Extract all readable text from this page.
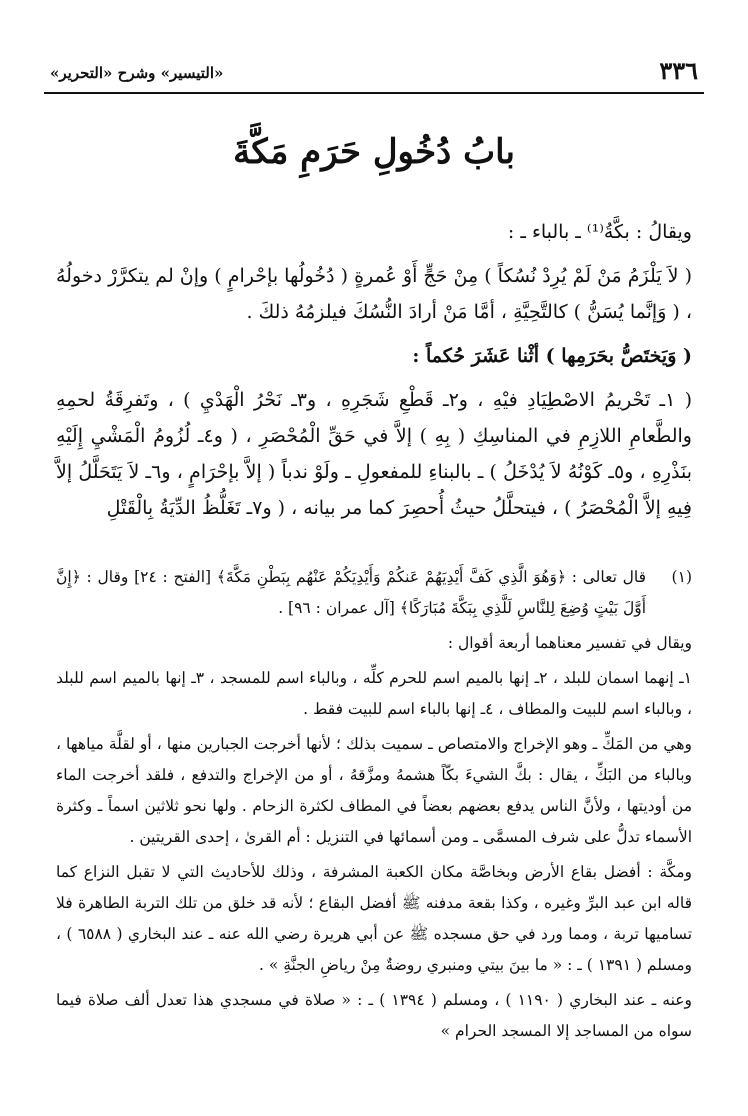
٣٣٦
«التيسير» وشرح «التحرير»
بابُ دُخُولِ حَرَمِ مَكَّةَ

ويقالُ : بكَّةُ⁽¹⁾ ـ بالباء ـ :

( لاَ يَلْزَمُ مَنْ لَمْ يُرِدْ نُسُكاً ) مِنْ حَجٍّ أَوْ عُمرةٍ ( دُخُولُها بإحْرامٍ ) وإنْ لم يتكرَّرْ دخولُهُ ، ( وَإنَّما يُسَنُّ ) كالتَّحِيَّةِ ، أمَّا مَنْ أرادَ النُّسُكَ فيلزمُهُ ذلكَ .

( وَيَختَصُّ بحَرَمِها ) أثْنا عَشَرَ حُكماً :

( ١ـ تَحْريمُ الاصْطِيَادِ فيْهِ ، و٢ـ قَطْعِ شَجَرِهِ ، و٣ـ نَحْرُ الْهَدْيِ ) ، وتَفرِقَةُ لحمِهِ والطَّعامِ اللازِمِ في المناسِكِ ( بِهِ ) إلاَّ في حَقِّ الْمُحْصَرِ ، ( و٤ـ لُزُومُ الْمَشْيِ إِلَيْهِ بنَذْرِهِ ، و٥ـ كَوْنُهُ لاَ يُدْخَلُ ) ـ بالبناءِ للمفعولِ ـ ولَوْ ندباً ( إلاَّ بإحْرَامٍ ، و٦ـ لاَ يَتَحَلَّلُ إلاَّ فِيهِ إلاَّ الْمُحْصَرُ ) ، فيتحلَّلُ حيثُ أُحصِرَ كما مر بيانه ، ( و٧ـ تَغَلُّظُ الدِّيَةُ بِالْقَتْلِ

(١)
قال تعالى : ﴿وَهُوَ الَّذِي كَفَّ أَيْدِيَهُمْ عَنكُمْ وَأَيْدِيَكُمْ عَنْهُم بِبَطْنِ مَكَّةَ﴾ [الفتح : ٢٤] وقال : ﴿إِنَّ أَوَّلَ بَيْتٍ وُضِعَ لِلنَّاسِ لَلَّذِي بِبَكَّةَ مُبَارَكًا﴾ [آل عمران : ٩٦] .

ويقال في تفسير معناهما أربعة أقوال :

١ـ إنهما اسمان للبلد ، ٢ـ إنها بالميم اسم للحرم كلِّه ، وبالباء اسم للمسجد ، ٣ـ إنها بالميم اسم للبلد ، وبالباء اسم للبيت والمطاف ، ٤ـ إنها بالباء اسم للبيت فقط .

وهي من المَكِّ ـ وهو الإخراج والامتصاص ـ سميت بذلك ؛ لأنها أخرجت الجبارين منها ، أو لقلَّة مياهها ، وبالباء من البَكِّ ، يقال : بكَّ الشيءَ بكّاً هشمهُ ومزَّقهُ ، أو من الإخراج والتدفع ، فلقد أخرجت الماء من أوديتها ، ولأنَّ الناس يدفع بعضهم بعضاً في المطاف لكثرة الزحام . ولها نحو ثلاثين اسماً ـ وكثرة الأسماء تدلُّ على شرف المسمَّى ـ ومن أسمائها في التنزيل : أم القرىٰ ، إحدى القريتين .

ومكَّة : أفضل بقاع الأرض وبخاصَّة مكان الكعبة المشرفة ، وذلك للأحاديث التي لا تقبل النزاع كما قاله ابن عبد البرِّ وغيره ، وكذا بقعة مدفنه ﷺ أفضل البقاع ؛ لأنه قد خلق من تلك التربة الطاهرة فلا تساميها تربة ، ومما ورد في حق مسجده ﷺ عن أبي هريرة رضي الله عنه ـ عند البخاري ( ٦٥٨٨ ) ، ومسلم ( ١٣٩١ ) ـ : « ما بينَ بيتي ومنبري روضةٌ مِنْ رياضِ الجنَّةِ » .

وعنه ـ عند البخاري ( ١١٩٠ ) ، ومسلم ( ١٣٩٤ ) ـ : « صلاة في مسجدي هذا تعدل ألف صلاة فيما سواه من المساجد إلا المسجد الحرام »
